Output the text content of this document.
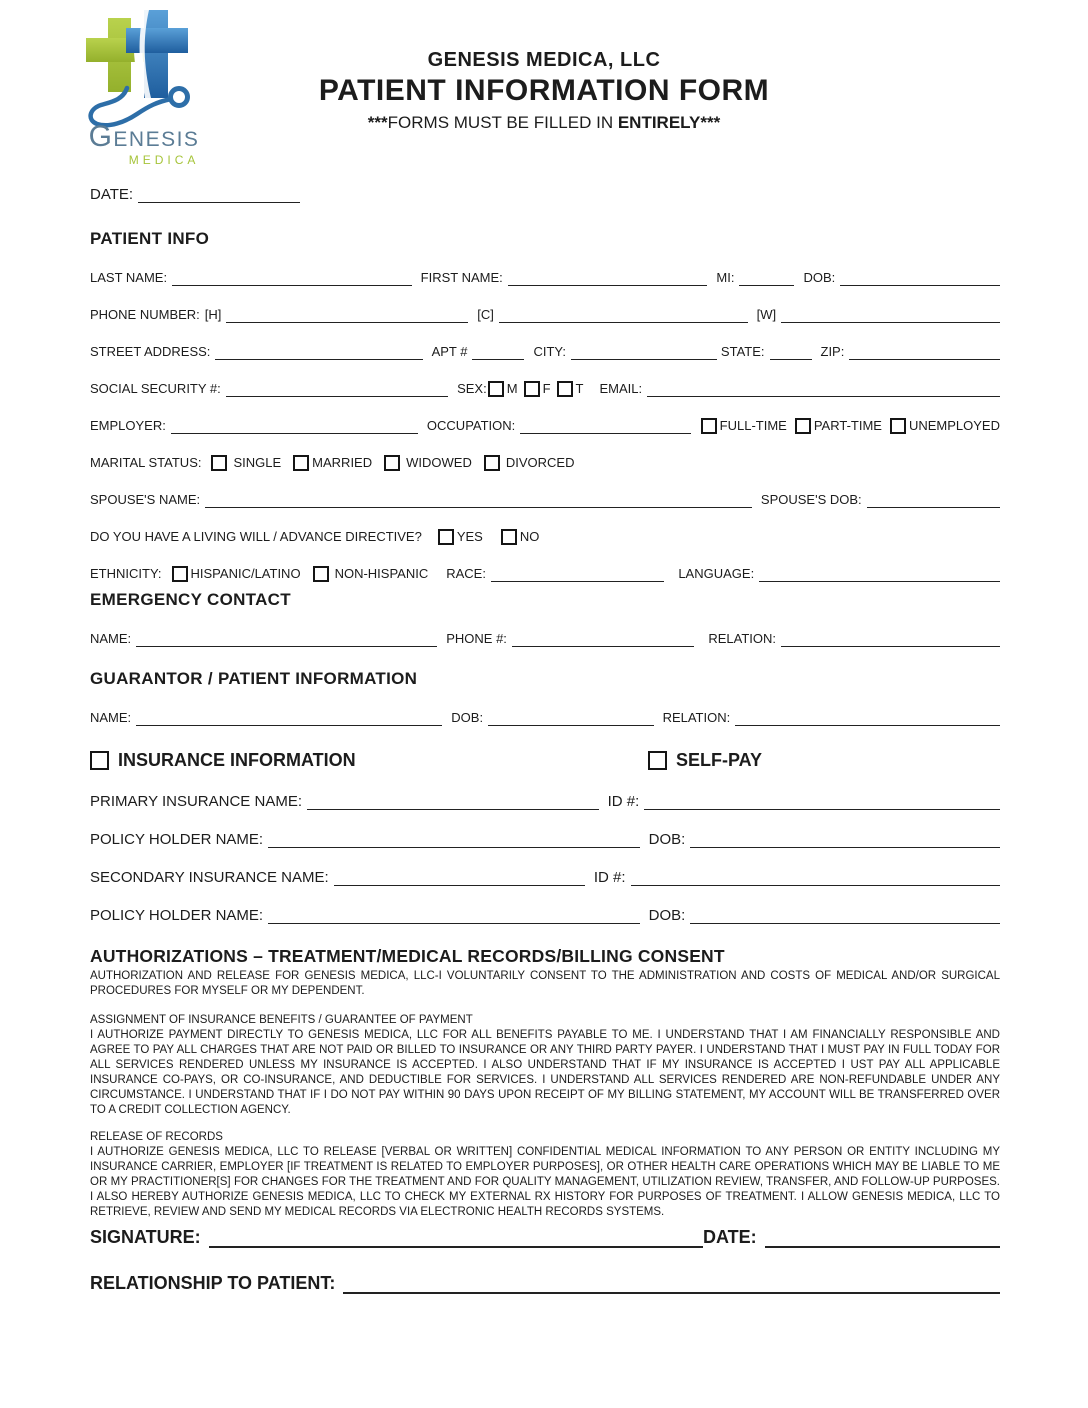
GENESIS
MEDICA
GENESIS MEDICA, LLC
PATIENT INFORMATION FORM
***FORMS MUST BE FILLED IN ENTIRELY***
DATE:
PATIENT INFO
LAST NAME:	FIRST NAME:	MI:	DOB:
PHONE NUMBER: [H]	[C]	[W]
STREET ADDRESS:	APT #	CITY:	STATE:	ZIP:
SOCIAL SECURITY #:	SEX: M F T EMAIL:
EMPLOYER:	OCCUPATION:	FULL-TIME PART-TIME UNEMPLOYED
MARITAL STATUS: SINGLE MARRIED	WIDOWED	DIVORCED
SPOUSE'S NAME:	SPOUSE'S DOB:
DO YOU HAVE A LIVING WILL / ADVANCE DIRECTIVE?	YES	NO
ETHNICITY: HISPANIC/LATINO	NON-HISPANIC RACE:	LANGUAGE:
EMERGENCY CONTACT
NAME:	PHONE #:	RELATION:
GUARANTOR / PATIENT INFORMATION
NAME:	DOB:	RELATION:
INSURANCE INFORMATION	SELF-PAY
PRIMARY INSURANCE NAME:	ID #:
POLICY HOLDER NAME:	DOB:
SECONDARY INSURANCE NAME:	ID #:
POLICY HOLDER NAME:	DOB:
AUTHORIZATIONS – TREATMENT/MEDICAL RECORDS/BILLING CONSENT
AUTHORIZATION AND RELEASE FOR GENESIS MEDICA, LLC-I VOLUNTARILY CONSENT TO THE ADMINISTRATION AND COSTS OF MEDICAL AND/OR SURGICAL PROCEDURES FOR MYSELF OR MY DEPENDENT.
ASSIGNMENT OF INSURANCE BENEFITS / GUARANTEE OF PAYMENT
I AUTHORIZE PAYMENT DIRECTLY TO GENESIS MEDICA, LLC FOR ALL BENEFITS PAYABLE TO ME. I UNDERSTAND THAT I AM FINANCIALLY RESPONSIBLE AND AGREE TO PAY ALL CHARGES THAT ARE NOT PAID OR BILLED TO INSURANCE OR ANY THIRD PARTY PAYER. I UNDERSTAND THAT I MUST PAY IN FULL TODAY FOR ALL SERVICES RENDERED UNLESS MY INSURANCE IS ACCEPTED. I ALSO UNDERSTAND THAT IF MY INSURANCE IS ACCEPTED I UST PAY ALL APPLICABLE INSURANCE CO-PAYS, OR CO-INSURANCE, AND DEDUCTIBLE FOR SERVICES. I UNDERSTAND ALL SERVICES RENDERED ARE NON-REFUNDABLE UNDER ANY CIRCUMSTANCE. I UNDERSTAND THAT IF I DO NOT PAY WITHIN 90 DAYS UPON RECEIPT OF MY BILLING STATEMENT, MY ACCOUNT WILL BE TRANSFERRED OVER TO A CREDIT COLLECTION AGENCY.
RELEASE OF RECORDS
I AUTHORIZE GENESIS MEDICA, LLC TO RELEASE [VERBAL OR WRITTEN] CONFIDENTIAL MEDICAL INFORMATION TO ANY PERSON OR ENTITY INCLUDING MY INSURANCE CARRIER, EMPLOYER [IF TREATMENT IS RELATED TO EMPLOYER PURPOSES], OR OTHER HEALTH CARE OPERATIONS WHICH MAY BE LIABLE TO ME OR MY PRACTITIONER[S] FOR CHANGES FOR THE TREATMENT AND FOR QUALITY MANAGEMENT, UTILIZATION REVIEW, TRANSFER, AND FOLLOW-UP PURPOSES. I ALSO HEREBY AUTHORIZE GENESIS MEDICA, LLC TO CHECK MY EXTERNAL RX HISTORY FOR PURPOSES OF TREATMENT. I ALLOW GENESIS MEDICA, LLC TO RETRIEVE, REVIEW AND SEND MY MEDICAL RECORDS VIA ELECTRONIC HEALTH RECORDS SYSTEMS.
SIGNATURE:	DATE:
RELATIONSHIP TO PATIENT:
